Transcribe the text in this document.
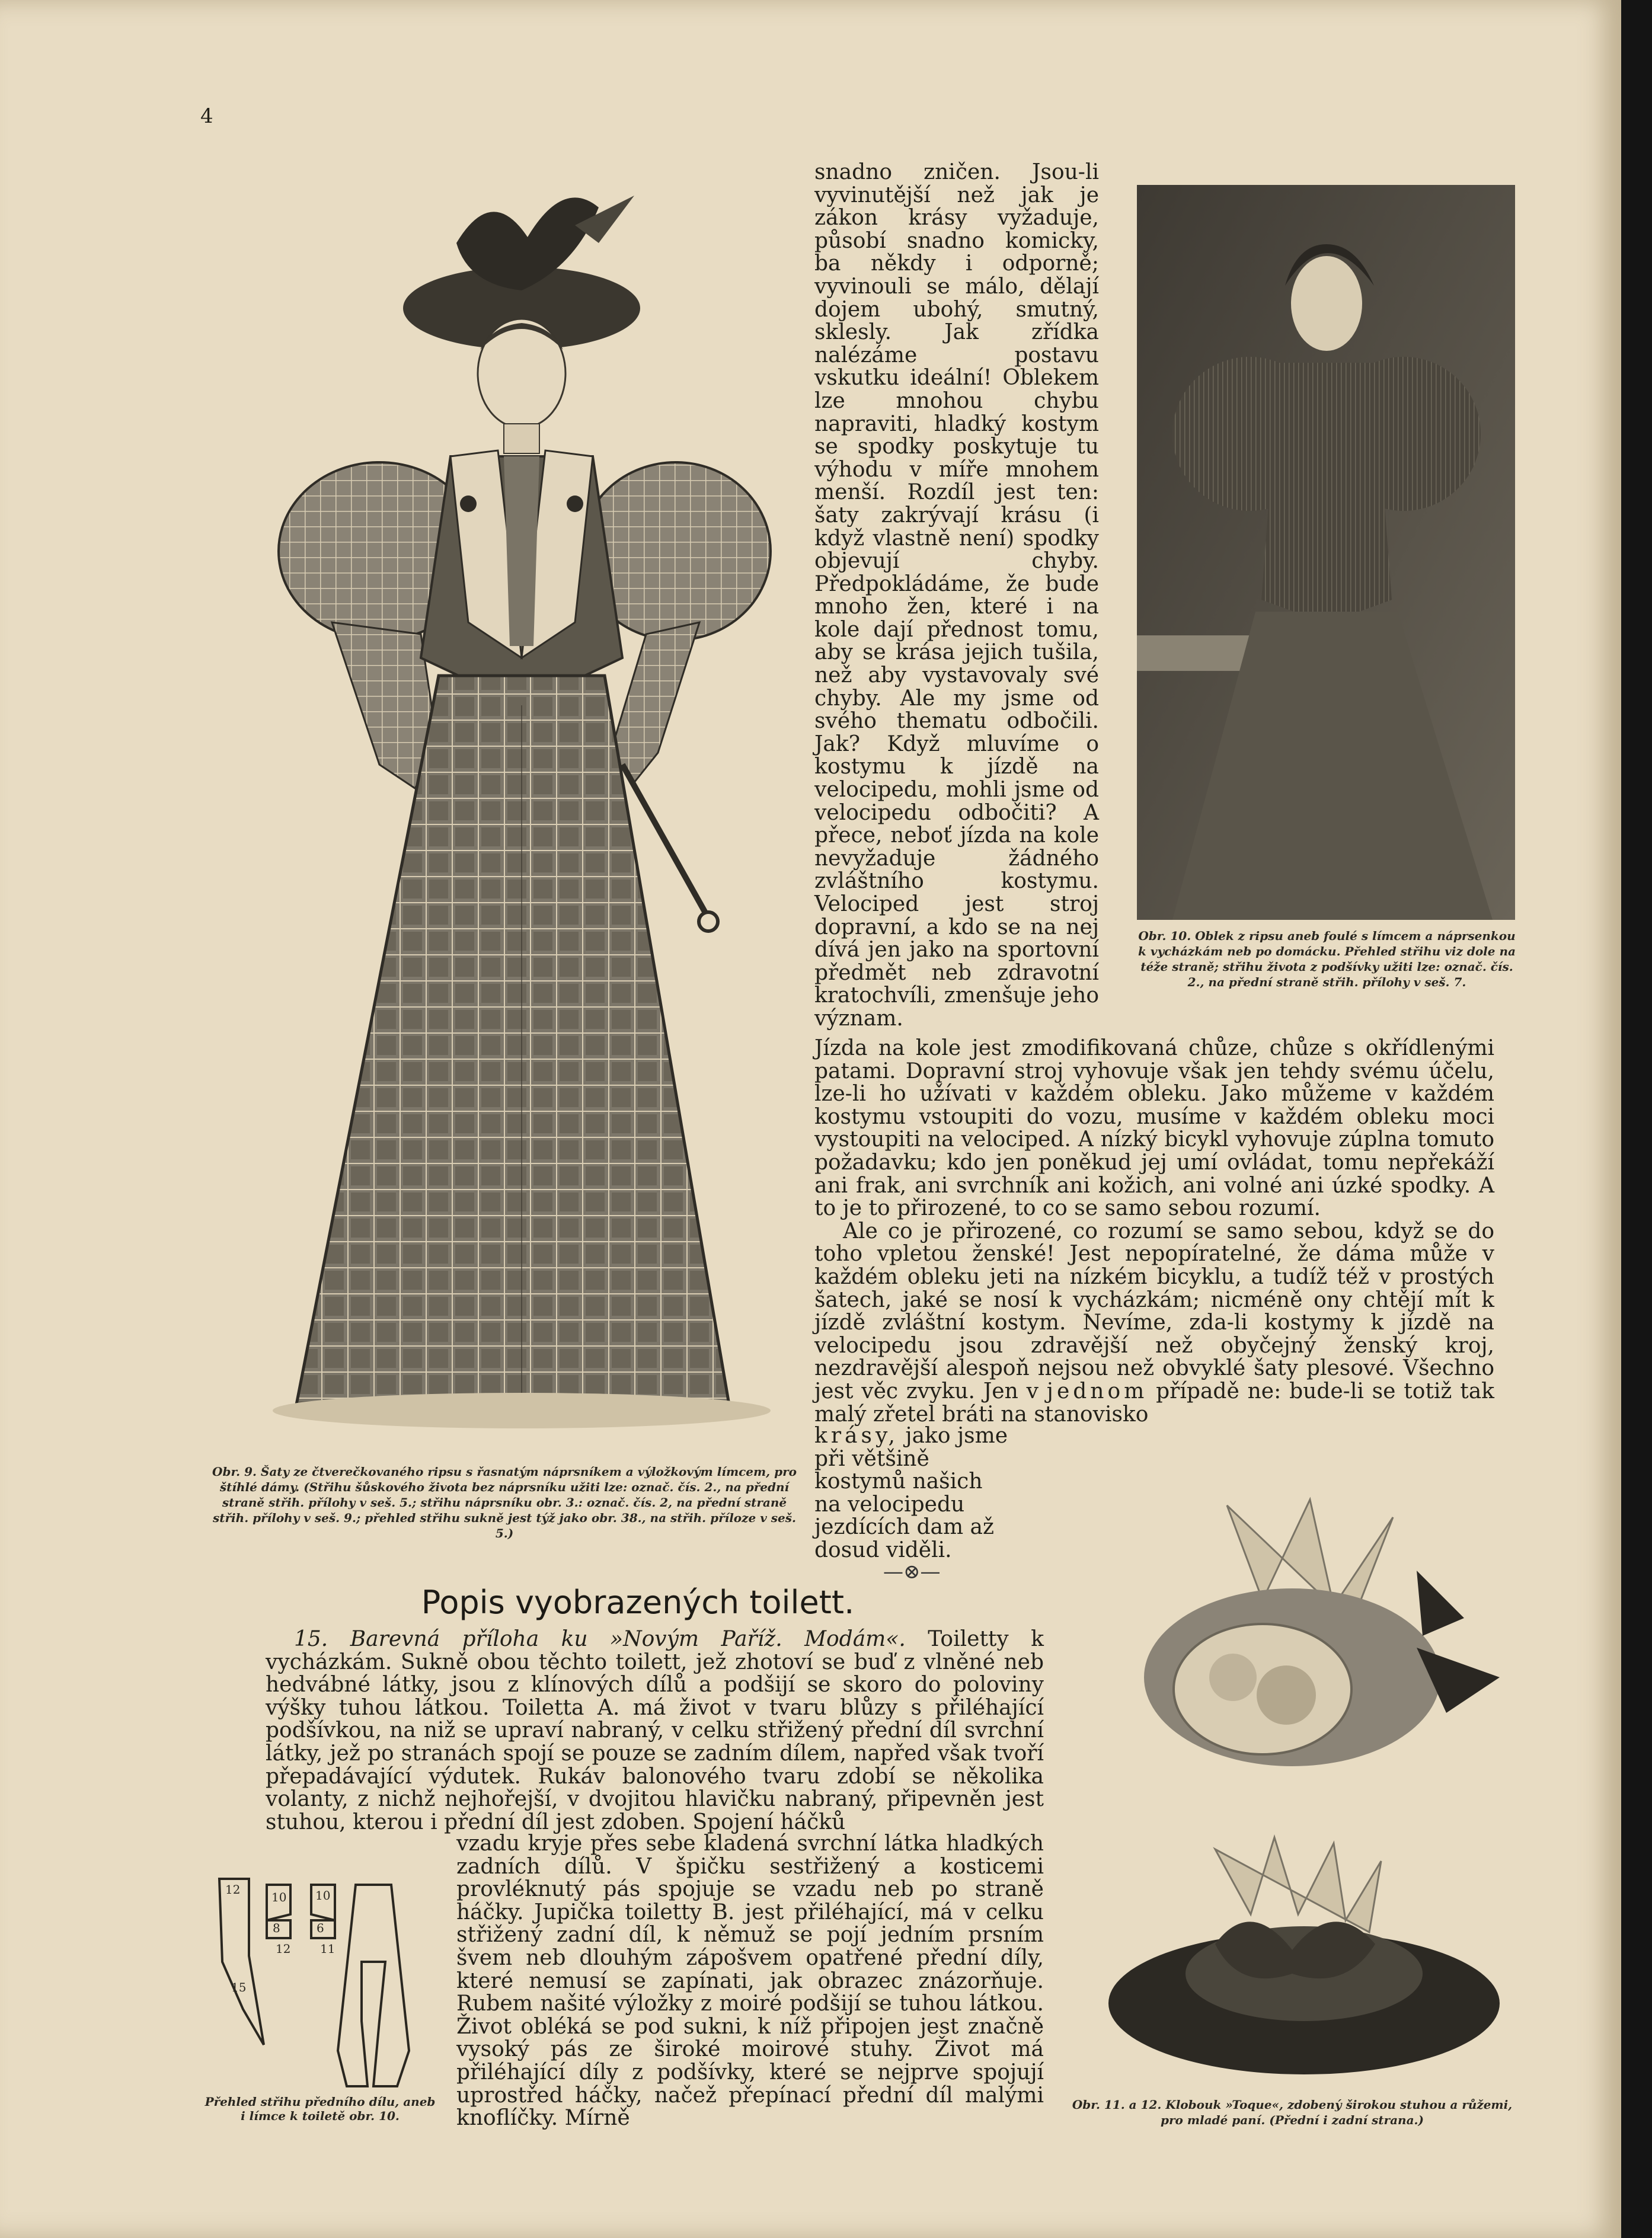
4
snadno zničen. Jsou-li vyvinutější než jak je zákon krásy vyžaduje, působí snadno komicky, ba někdy i odporně; vyvinouli se málo, dělají dojem ubohý, smutný, sklesly. Jak zřídka nalézáme postavu vskutku ideální! Oblekem lze mnohou chybu napraviti, hladký kostym se spodky poskytuje tu výhodu v míře mnohem menší. Rozdíl jest ten: šaty zakrývají krásu (i když vlastně není) spodky objevují chyby. Předpokládáme, že bude mnoho žen, které i na kole dají přednost tomu, aby se krása jejich tušila, než aby vystavovaly své chyby. Ale my jsme od svého thematu odbočili. Jak? Když mluvíme o kostymu k jízdě na velocipedu, mohli jsme od velocipedu odbočiti? A přece, neboť jízda na kole nevyžaduje žádného zvláštního kostymu. Velociped jest stroj dopravní, a kdo se na nej dívá jen jako na sportovní předmět neb zdravotní kratochvíli, zmenšuje jeho význam.
Obr. 10. Oblek z ripsu aneb foulé s límcem a náprsenkou k vycházkám neb po domácku. Přehled střihu viz dole na téže straně; střihu života z podšívky užiti lze: označ. čís. 2., na přední straně střih. přílohy v seš. 7.

Jízda na kole jest zmodifikovaná chůze, chůze s okřídlenými patami. Dopravní stroj vyhovuje však jen tehdy svému účelu, lze-li ho užívati v každém obleku. Jako můžeme v každém kostymu vstoupiti do vozu, musíme v každém obleku moci vystoupiti na velociped. A nízký bicykl vyhovuje zúplna tomuto požadavku; kdo jen poněkud jej umí ovládat, tomu nepřekáží ani frak, ani svrchník ani kožich, ani volné ani úzké spodky. A to je to přirozené, to co se samo sebou rozumí.

Ale co je přirozené, co rozumí se samo sebou, když se do toho vpletou ženské! Jest nepopíratelné, že dáma může v každém obleku jeti na nízkém bicyklu, a tudíž též v prostých šatech, jaké se nosí k vycházkám; nicméně ony chtějí mít k jízdě zvláštní kostym. Nevíme, zda-li kostymy k jízdě na velocipedu jsou zdravější než obyčejný ženský kroj, nezdravější alespoň nejsou než obvyklé šaty plesové. Všechno jest věc zvyku. Jen v jednom případě ne: bude-li se totiž tak malý zřetel bráti na stanovisko

krásy, jako jsme při většině kostymů našich na velocipedu jezdících dam až dosud viděli.
—⊗—
Obr. 9. Šaty ze čtverečkovaného ripsu s řasnatým náprsníkem a výložkovým límcem, pro štíhlé dámy. (Střihu šůskového života bez náprsníku užiti lze: označ. čís. 2., na přední straně střih. přílohy v seš. 5.; střihu náprsníku obr. 3.: označ. čís. 2, na přední straně střih. přílohy v seš. 9.; přehled střihu sukně jest týž jako obr. 38., na střih. příloze v seš. 5.)
Popis vyobrazených toilett.

15. Barevná příloha ku »Novým Paříž. Modám«. Toiletty k vycházkám. Sukně obou těchto toilett, jež zhotoví se buď z vlněné neb hedvábné látky, jsou z klínových dílů a podšijí se skoro do poloviny výšky tuhou látkou. Toiletta A. má život v tvaru blůzy s přiléhající podšívkou, na niž se upraví nabraný, v celku střižený přední díl svrchní látky, jež po stranách spojí se pouze se zadním dílem, napřed však tvoří přepadávající výdutek. Rukáv balonového tvaru zdobí se několika volanty, z nichž nejhořejší, v dvojitou hlavičku nabraný, připevněn jest stuhou, kterou i přední díl jest zdoben. Spojení háčků

vzadu kryje přes sebe kladená svrchní látka hladkých zadních dílů. V špičku sestřižený a kosticemi provléknutý pás spojuje se vzadu neb po straně háčky. Jupička toiletty B. jest přiléhající, má v celku střižený zadní díl, k němuž se pojí jedním prsním švem neb dlouhým zápošvem opatřené přední díly, které nemusí se zapínati, jak obrazec znázorňuje. Rubem našité výložky z moiré podšijí se tuhou látkou. Život obléká se pod sukni, k níž připojen jest značně vysoký pás ze široké moirové stuhy. Život má přiléhající díly z podšívky, které se nejprve spojují uprostřed háčky, načež přepínací přední díl malými knoflíčky. Mírně
12
10 10
6
8
12 11
15
Přehled střihu předního dílu, aneb i límce k toiletě obr. 10.
Obr. 11. a 12. Klobouk »Toque«, zdobený širokou stuhou a růžemi, pro mladé paní. (Přední i zadní strana.)
